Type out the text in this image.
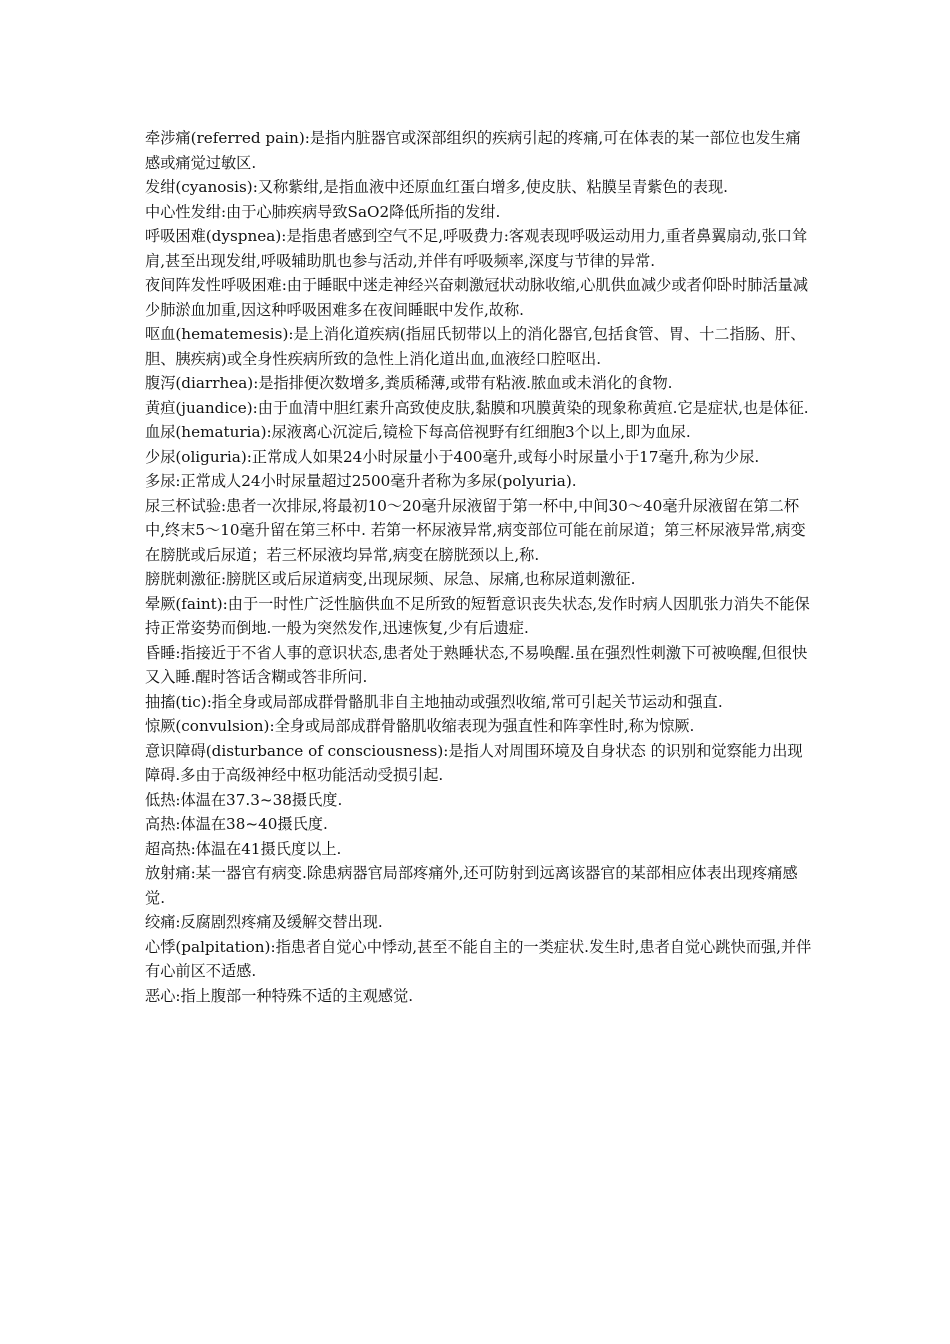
牵涉痛(referred pain):是指内脏器官或深部组织的疾病引起的疼痛,可在体表的某一部位也发生痛感或痛觉过敏区.

发绀(cyanosis):又称紫绀,是指血液中还原血红蛋白增多,使皮肤、粘膜呈青紫色的表现.

中心性发绀:由于心肺疾病导致SaO2降低所指的发绀.

呼吸困难(dyspnea):是指患者感到空气不足,呼吸费力:客观表现呼吸运动用力,重者鼻翼扇动,张口耸肩,甚至出现发绀,呼吸辅助肌也参与活动,并伴有呼吸频率,深度与节律的异常.

夜间阵发性呼吸困难:由于睡眠中迷走神经兴奋刺激冠状动脉收缩,心肌供血减少或者仰卧时肺活量减少肺淤血加重,因这种呼吸困难多在夜间睡眠中发作,故称.

呕血(hematemesis):是上消化道疾病(指屈氏韧带以上的消化器官,包括食管、胃、十二指肠、肝、胆、胰疾病)或全身性疾病所致的急性上消化道出血,血液经口腔呕出.

腹泻(diarrhea):是指排便次数增多,粪质稀薄,或带有粘液.脓血或未消化的食物.

黄疸(juandice):由于血清中胆红素升高致使皮肤,黏膜和巩膜黄染的现象称黄疸.它是症状,也是体征.

血尿(hematuria):尿液离心沉淀后,镜检下每高倍视野有红细胞3个以上,即为血尿.

少尿(oliguria):正常成人如果24小时尿量小于400毫升,或每小时尿量小于17毫升,称为少尿.

多尿:正常成人24小时尿量超过2500毫升者称为多尿(polyuria).

尿三杯试验:患者一次排尿,将最初10～20毫升尿液留于第一杯中,中间30～40毫升尿液留在第二杯中,终末5～10毫升留在第三杯中. 若第一杯尿液异常,病变部位可能在前尿道；第三杯尿液异常,病变在膀胱或后尿道；若三杯尿液均异常,病变在膀胱颈以上,称.

膀胱刺激征:膀胱区或后尿道病变,出现尿频、尿急、尿痛,也称尿道刺激征.

晕厥(faint):由于一时性广泛性脑供血不足所致的短暂意识丧失状态,发作时病人因肌张力消失不能保持正常姿势而倒地.一般为突然发作,迅速恢复,少有后遗症.

昏睡:指接近于不省人事的意识状态,患者处于熟睡状态,不易唤醒.虽在强烈性刺激下可被唤醒,但很快又入睡.醒时答话含糊或答非所问.

抽搐(tic):指全身或局部成群骨骼肌非自主地抽动或强烈收缩,常可引起关节运动和强直.

惊厥(convulsion):全身或局部成群骨骼肌收缩表现为强直性和阵挛性时,称为惊厥.

意识障碍(disturbance of consciousness):是指人对周围环境及自身状态 的识别和觉察能力出现障碍.多由于高级神经中枢功能活动受损引起.

低热:体温在37.3~38摄氏度.

高热:体温在38~40摄氏度.

超高热:体温在41摄氏度以上.

放射痛:某一器官有病变.除患病器官局部疼痛外,还可防射到远离该器官的某部相应体表出现疼痛感觉.

绞痛:反腐剧烈疼痛及缓解交替出现.

心悸(palpitation):指患者自觉心中悸动,甚至不能自主的一类症状.发生时,患者自觉心跳快而强,并伴有心前区不适感.

恶心:指上腹部一种特殊不适的主观感觉.
